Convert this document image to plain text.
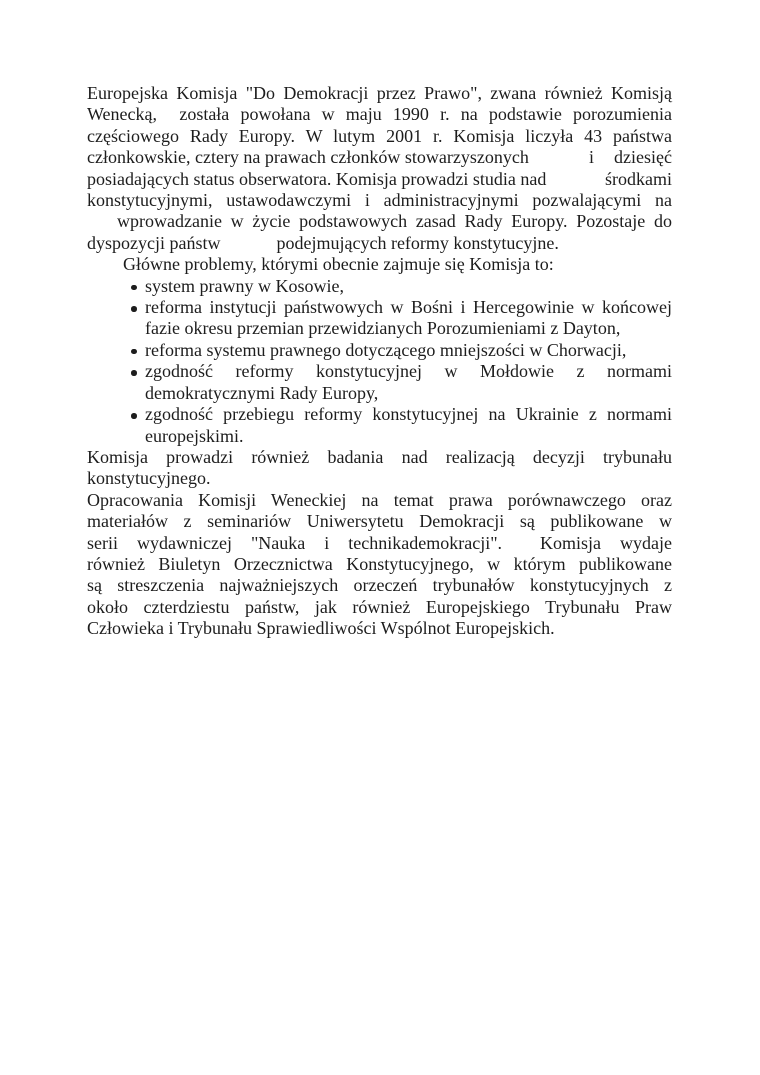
Europejska Komisja "Do Demokracji przez Prawo", zwana również Komisją
Wenecką,  została powołana w maju 1990 r. na podstawie porozumienia
częściowego Rady Europy. W lutym 2001 r. Komisja liczyła 43 państwa
członkowskie, cztery na prawach członków stowarzyszonych	i dziesięć
posiadających status obserwatora. Komisja prowadzi studia nad	środkami
konstytucyjnymi, ustawodawczymi i administracyjnymi pozwalającymi na
wprowadzanie w życie podstawowych zasad Rady Europy. Pozostaje do
dyspozycji państw	podejmujących reformy konstytucyjne.
Główne problemy, którymi obecnie zajmuje się Komisja to:
system prawny w Kosowie,
reforma instytucji państwowych w Bośni i Hercegowinie w końcowej
fazie okresu przemian przewidzianych Porozumieniami z Dayton,
reforma systemu prawnego dotyczącego mniejszości w Chorwacji,
zgodność reformy konstytucyjnej w Mołdowie z normami
demokratycznymi Rady Europy,
zgodność przebiegu reformy konstytucyjnej na Ukrainie z normami
europejskimi.
Komisja prowadzi również badania nad realizacją decyzji trybunału
konstytucyjnego.
Opracowania Komisji Weneckiej na temat prawa porównawczego oraz
materiałów z seminariów Uniwersytetu Demokracji są publikowane w
serii wydawniczej "Nauka i technikademokracji".  Komisja wydaje
również Biuletyn Orzecznictwa Konstytucyjnego, w którym publikowane
są streszczenia najważniejszych orzeczeń trybunałów konstytucyjnych z
około czterdziestu państw, jak również Europejskiego Trybunału Praw
Człowieka i Trybunału Sprawiedliwości Wspólnot Europejskich.
